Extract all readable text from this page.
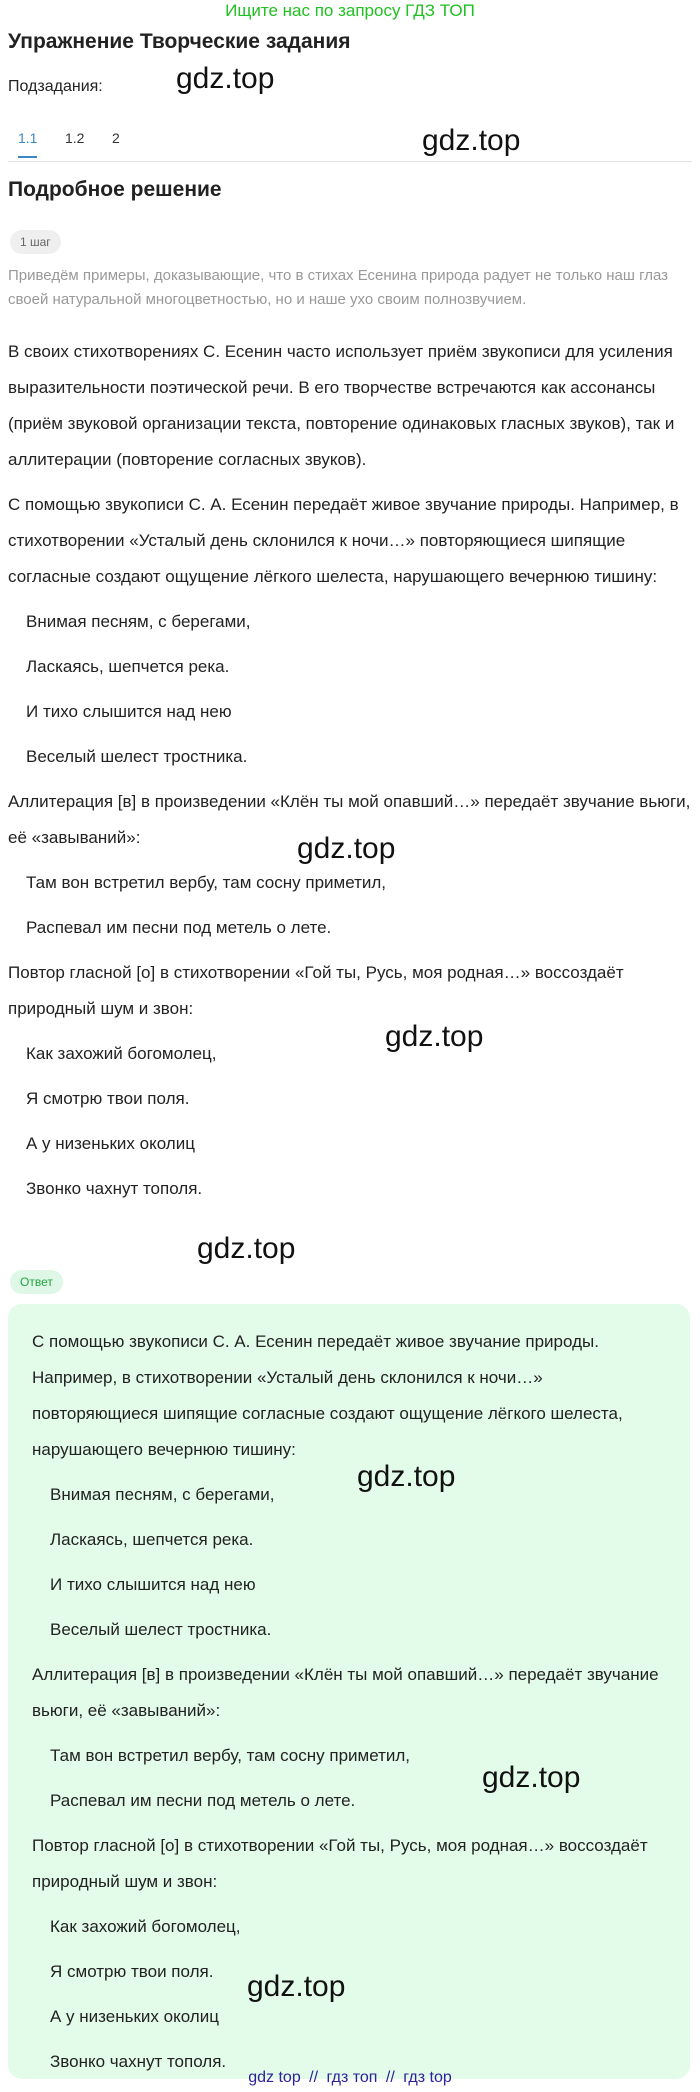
Ищите нас по запросу ГДЗ ТОП
Упражнение Творческие задания
Подзадания:
1.1 1.2 2
Подробное решение
1 шаг
Приведём примеры, доказывающие, что в стихах Есенина природа радует не только наш глаз своей натуральной многоцветностью, но и наше ухо своим полнозвучием.

В своих стихотворениях С. Есенин часто использует приём звукописи для усиления выразительности поэтической речи. В его творчестве встречаются как ассонансы (приём звуковой организации текста, повторение одинаковых гласных звуков), так и аллитерации (повторение согласных звуков).

С помощью звукописи С. А. Есенин передаёт живое звучание природы. Например, в стихотворении «Усталый день склонился к ночи…» повторяющиеся шипящие согласные создают ощущение лёгкого шелеста, нарушающего вечернюю тишину:

Внимая песням, с берегами,

Ласкаясь, шепчется река.

И тихо слышится над нею

Веселый шелест тростника.

Аллитерация [в] в произведении «Клён ты мой опавший…» передаёт звучание вьюги, её «завываний»:

Там вон встретил вербу, там сосну приметил,

Распевал им песни под метель о лете.

Повтор гласной [о] в стихотворении «Гой ты, Русь, моя родная…» воссоздаёт природный шум и звон:

Как захожий богомолец,

Я смотрю твои поля.

А у низеньких околиц

Звонко чахнут тополя.

Ответ

С помощью звукописи С. А. Есенин передаёт живое звучание природы. Например, в стихотворении «Усталый день склонился к ночи…» повторяющиеся шипящие согласные создают ощущение лёгкого шелеста, нарушающего вечернюю тишину:

Внимая песням, с берегами,

Ласкаясь, шепчется река.

И тихо слышится над нею

Веселый шелест тростника.

Аллитерация [в] в произведении «Клён ты мой опавший…» передаёт звучание вьюги, её «завываний»:

Там вон встретил вербу, там сосну приметил,

Распевал им песни под метель о лете.

Повтор гласной [о] в стихотворении «Гой ты, Русь, моя родная…» воссоздаёт природный шум и звон:

Как захожий богомолец,

Я смотрю твои поля.

А у низеньких околиц

Звонко чахнут тополя.

gdz.top
gdz.top
gdz.top
gdz.top
gdz.top
gdz.top
gdz.top
gdz.top
gdz top // гдз топ // гдз top
